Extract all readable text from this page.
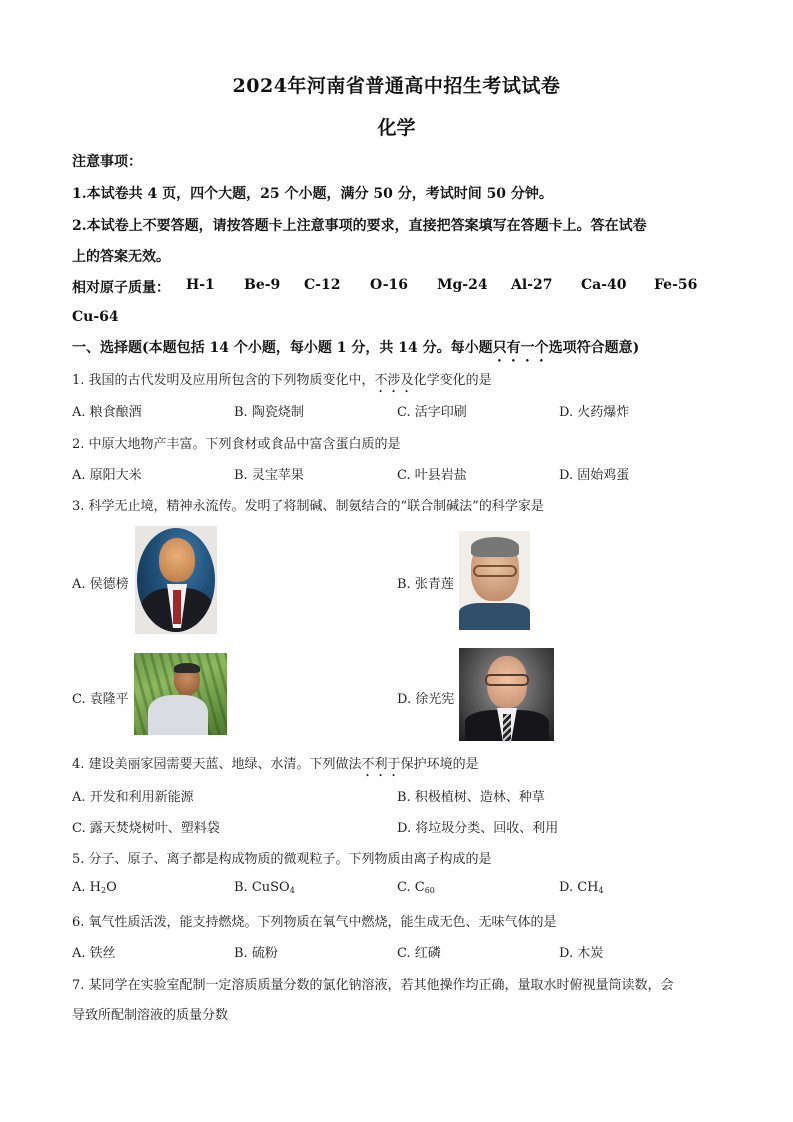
2024年河南省普通高中招生考试试卷
化学
注意事项：
1.本试卷共 4 页，四个大题，25 个小题，满分 50 分，考试时间 50 分钟。
2.本试卷上不要答题，请按答题卡上注意事项的要求，直接把答案填写在答题卡上。答在试卷
上的答案无效。
相对原子质量： H-1 Be-9 C-12 O-16 Mg-24 Al-27 Ca-40 Fe-56
Cu-64
一、选择题(本题包括 14 个小题，每小题 1 分，共 14 分。每小题只有一个选项符合题意)
1. 我国的古代发明及应用所包含的下列物质变化中，不涉及化学变化的是
A. 粮食酿酒	B. 陶瓷烧制	C. 活字印刷	D. 火药爆炸
2. 中原大地物产丰富。下列食材或食品中富含蛋白质的是
A. 原阳大米	B. 灵宝苹果	C. 叶县岩盐	D. 固始鸡蛋
3. 科学无止境，精神永流传。发明了将制碱、制氨结合的“联合制碱法”的科学家是
A. 侯德榜	B. 张青莲
C. 袁隆平	D. 徐光宪
4. 建设美丽家园需要天蓝、地绿、水清。下列做法不利于保护环境的是
A. 开发和利用新能源	B. 积极植树、造林、种草
C. 露天焚烧树叶、塑料袋	D. 将垃圾分类、回收、利用
5. 分子、原子、离子都是构成物质的微观粒子。下列物质由离子构成的是
A. $H_2O$	B. CuSO$_4$	C. $C_{60}$	D. $CH_4$
6. 氧气性质活泼，能支持燃烧。下列物质在氧气中燃烧，能生成无色、无味气体的是
A. 铁丝	B. 硫粉	C. 红磷	D. 木炭
7. 某同学在实验室配制一定溶质质量分数的氯化钠溶液，若其他操作均正确，量取水时俯视量筒读数，会
导致所配制溶液的质量分数
